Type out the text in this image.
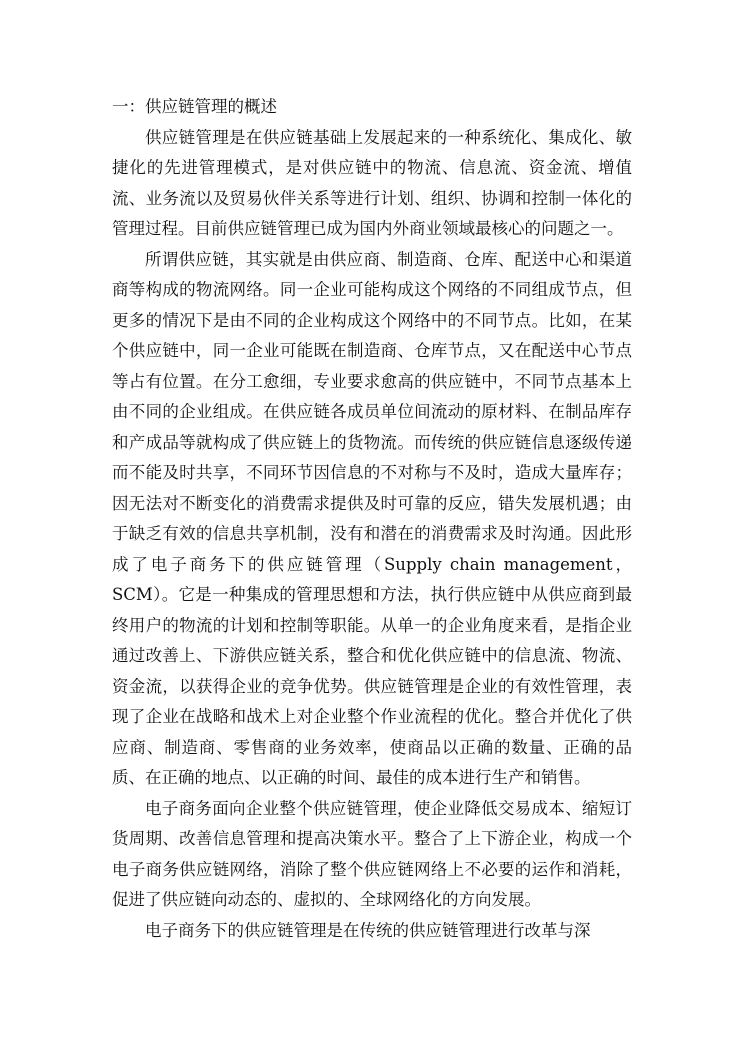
一：供应链管理的概述

供应链管理是在供应链基础上发展起来的一种系统化、集成化、敏捷化的先进管理模式，是对供应链中的物流、信息流、资金流、增值流、业务流以及贸易伙伴关系等进行计划、组织、协调和控制一体化的管理过程。目前供应链管理已成为国内外商业领域最核心的问题之一。

所谓供应链，其实就是由供应商、制造商、仓库、配送中心和渠道商等构成的物流网络。同一企业可能构成这个网络的不同组成节点，但更多的情况下是由不同的企业构成这个网络中的不同节点。比如，在某个供应链中，同一企业可能既在制造商、仓库节点，又在配送中心节点等占有位置。在分工愈细，专业要求愈高的供应链中，不同节点基本上由不同的企业组成。在供应链各成员单位间流动的原材料、在制品库存和产成品等就构成了供应链上的货物流。而传统的供应链信息逐级传递而不能及时共享，不同环节因信息的不对称与不及时，造成大量库存；因无法对不断变化的消费需求提供及时可靠的反应，错失发展机遇；由于缺乏有效的信息共享机制，没有和潜在的消费需求及时沟通。因此形成了电子商务下的供应链管理（Supply chain management，SCM）。它是一种集成的管理思想和方法，执行供应链中从供应商到最终用户的物流的计划和控制等职能。从单一的企业角度来看，是指企业通过改善上、下游供应链关系，整合和优化供应链中的信息流、物流、资金流，以获得企业的竞争优势。供应链管理是企业的有效性管理，表现了企业在战略和战术上对企业整个作业流程的优化。整合并优化了供应商、制造商、零售商的业务效率，使商品以正确的数量、正确的品质、在正确的地点、以正确的时间、最佳的成本进行生产和销售。

电子商务面向企业整个供应链管理，使企业降低交易成本、缩短订货周期、改善信息管理和提高决策水平。整合了上下游企业，构成一个电子商务供应链网络，消除了整个供应链网络上不必要的运作和消耗，促进了供应链向动态的、虚拟的、全球网络化的方向发展。

电子商务下的供应链管理是在传统的供应链管理进行改革与深
